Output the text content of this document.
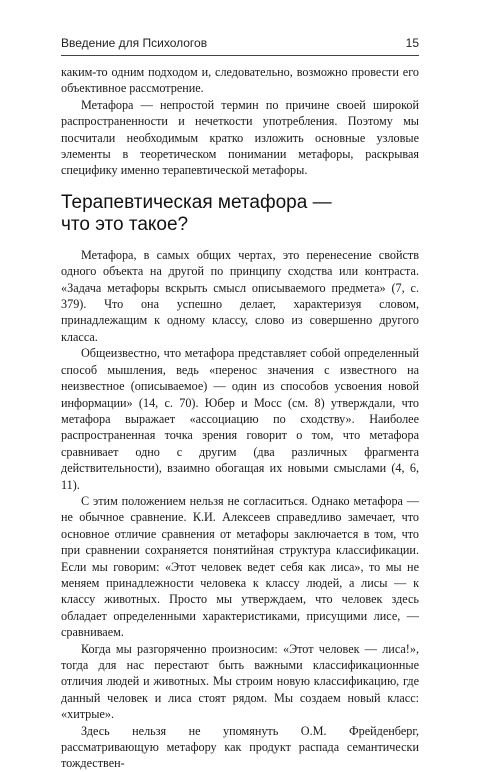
Введение для Психологов	15

каким-то одним подходом и, следовательно, возможно провести его объективное рассмотрение.

Метафора — непростой термин по причине своей широкой распространенности и нечеткости употребления. Поэтому мы посчитали необходимым кратко изложить основные узловые элементы в теоретическом понимании метафоры, раскрывая специфику именно терапевтической метафоры.

Терапевтическая метафора —
что это такое?

Метафора, в самых общих чертах, это перенесение свойств одного объекта на другой по принципу сходства или контраста. «Задача метафоры вскрыть смысл описываемого предмета» (7, с. 379). Что она успешно делает, характеризуя словом, принадлежащим к одному классу, слово из совершенно другого класса.

Общеизвестно, что метафора представляет собой определенный способ мышления, ведь «перенос значения с известного на неизвестное (описываемое) — один из способов усвоения новой информации» (14, с. 70). Юбер и Мосс (см. 8) утверждали, что метафора выражает «ассоциацию по сходству». Наиболее распространенная точка зрения говорит о том, что метафора сравнивает одно с другим (два различных фрагмента действительности), взаимно обогащая их новыми смыслами (4, 6, 11).

С этим положением нельзя не согласиться. Однако метафора — не обычное сравнение. К.И. Алексеев справедливо замечает, что основное отличие сравнения от метафоры заключается в том, что при сравнении сохраняется понятийная структура классификации. Если мы говорим: «Этот человек ведет себя как лиса», то мы не меняем принадлежности человека к классу людей, а лисы — к классу животных. Просто мы утверждаем, что человек здесь обладает определенными характеристиками, присущими лисе, — сравниваем.

Когда мы разгоряченно произносим: «Этот человек — лиса!», тогда для нас перестают быть важными классификационные отличия людей и животных. Мы строим новую классификацию, где данный человек и лиса стоят рядом. Мы создаем новый класс: «хитрые».

Здесь нельзя не упомянуть О.М. Фрейденберг, рассматривающую метафору как продукт распада семантически тождествен-
